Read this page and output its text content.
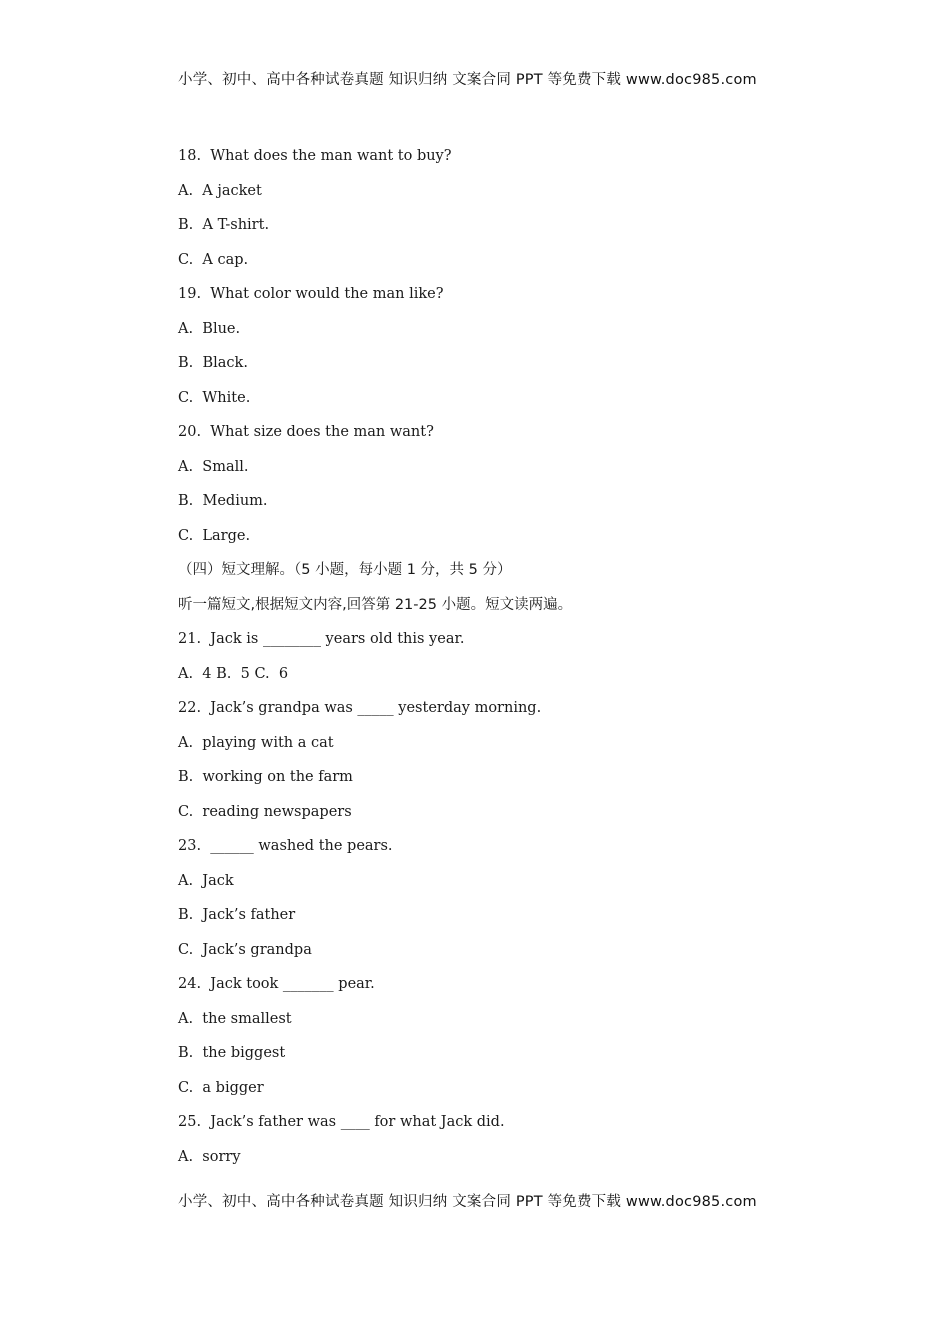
小学、初中、高中各种试卷真题 知识归纳 文案合同 PPT 等免费下载 www.doc985.com
18.  What does the man want to buy?
A.  A jacket
B.  A T-shirt.
C.  A cap.
19.  What color would the man like?
A.  Blue.
B.  Black.
C.  White.
20.  What size does the man want?
A.  Small.
B.  Medium.
C.  Large.
（四）短文理解。（5 小题，每小题 1 分，共 5 分）
听一篇短文,根据短文内容,回答第 21-25 小题。短文读两遍。
21.  Jack is ________ years old this year.
A.  4 B.  5 C.  6
22.  Jack’s grandpa was _____ yesterday morning.
A.  playing with a cat
B.  working on the farm
C.  reading newspapers
23.  ______ washed the pears.
A.  Jack
B.  Jack’s father
C.  Jack’s grandpa
24.  Jack took _______ pear.
A.  the smallest
B.  the biggest
C.  a bigger
25.  Jack’s father was ____ for what Jack did.
A.  sorry
小学、初中、高中各种试卷真题 知识归纳 文案合同 PPT 等免费下载 www.doc985.com
